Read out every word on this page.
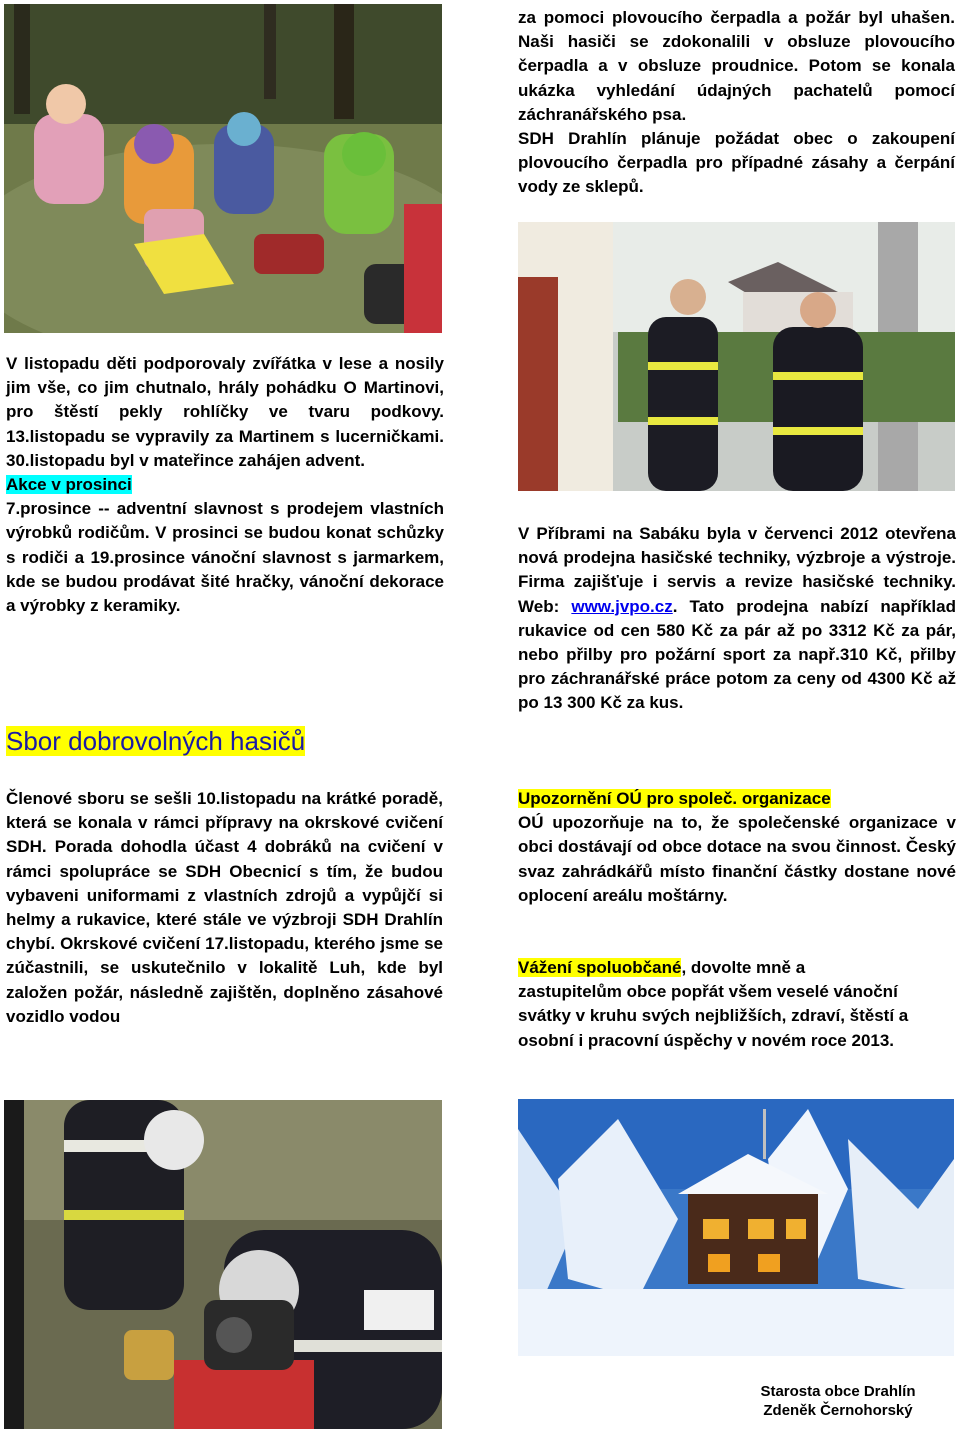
za pomoci plovoucího čerpadla a požár byl uhašen. Naši hasiči se zdokonalili v obsluze plovoucího čerpadla a v obsluze proudnice. Potom se konala ukázka vyhledání údajných pachatelů pomocí záchranářského psa.

SDH Drahlín plánuje požádat obec o zakoupení plovoucího čerpadla pro případné zásahy a čerpání vody ze sklepů.

V listopadu děti podporovaly zvířátka v lese a nosily jim vše, co jim chutnalo, hrály pohádku O Martinovi, pro štěstí pekly rohlíčky ve tvaru podkovy. 13.listopadu se vypravily za Martinem s lucerničkami. 30.listopadu byl v mateřince zahájen advent.

Akce v prosinci

7.prosince -- adventní slavnost s prodejem vlastních výrobků rodičům. V prosinci se budou konat schůzky s rodiči a 19.prosince vánoční slavnost s jarmarkem, kde se budou prodávat šité hračky, vánoční dekorace a výrobky z keramiky.

Sbor dobrovolných hasičů

Členové sboru se sešli 10.listopadu na krátké poradě, která se konala v rámci přípravy na okrskové cvičení SDH. Porada dohodla účast 4 dobráků na cvičení v rámci spolupráce se SDH Obecnicí s tím, že budou vybaveni uniformami z vlastních zdrojů a vypůjčí si helmy a rukavice, které stále ve výzbroji SDH Drahlín chybí. Okrskové cvičení 17.listopadu, kterého jsme se zúčastnili, se uskutečnilo v lokalitě Luh, kde byl založen požár, následně zajištěn, doplněno zásahové vozidlo vodou

V Příbrami na Sabáku byla v červenci 2012 otevřena nová prodejna hasičské techniky, výzbroje a výstroje. Firma zajišťuje i servis a revize hasičské techniky. Web: www.jvpo.cz. Tato prodejna nabízí například rukavice od cen 580 Kč za pár až po 3312 Kč za pár, nebo přilby pro požární sport za např.310 Kč, přilby pro záchranářské práce potom za ceny od 4300 Kč až po 13 300 Kč za kus.

Upozornění OÚ pro společ. organizace

OÚ upozorňuje na to, že společenské organizace v obci dostávají od obce dotace na svou činnost. Český svaz zahrádkářů místo finanční částky dostane nové oplocení areálu moštárny.

Vážení spoluobčané, dovolte mně a

zastupitelům obce popřát všem veselé vánoční svátky v kruhu svých nejbližších, zdraví, štěstí a osobní i pracovní úspěchy v novém roce 2013.

Starosta obce Drahlín

Zdeněk Černohorský
